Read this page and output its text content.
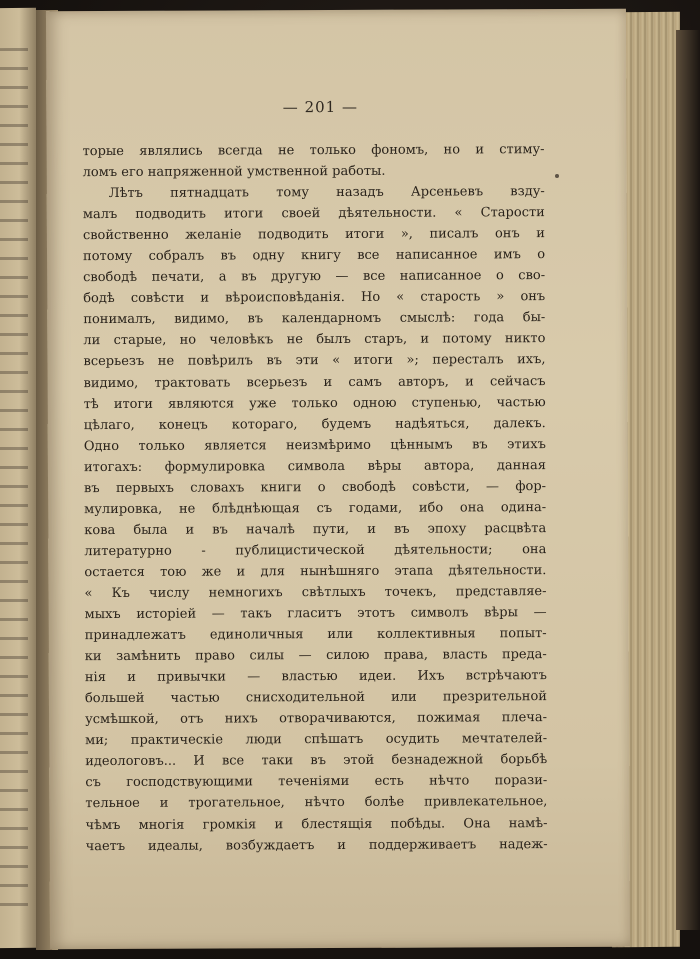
— 201 —
торые являлись всегда не только фономъ, но и стиму-
ломъ его напряженной умственной работы.
Лѣтъ пятнадцать тому назадъ Арсеньевъ взду-
малъ подводить итоги своей дѣятельности. « Старости
свойственно желаніе подводить итоги », писалъ онъ и
потому собралъ въ одну книгу все написанное имъ о
свободѣ печати, а въ другую — все написанное о сво-
бодѣ совѣсти и вѣроисповѣданія. Но « старость » онъ
понималъ, видимо, въ календарномъ смыслѣ: года бы-
ли старые, но человѣкъ не былъ старъ, и потому никто
всерьезъ не повѣрилъ въ эти « итоги »; пересталъ ихъ,
видимо, трактовать всерьезъ и самъ авторъ, и сейчасъ
тѣ итоги являются уже только одною ступенью, частью
цѣлаго, конецъ котораго, будемъ надѣяться, далекъ.
Одно только является неизмѣримо цѣннымъ въ этихъ
итогахъ: формулировка символа вѣры автора, данная
въ первыхъ словахъ книги о свободѣ совѣсти, — фор-
мулировка, не блѣднѣющая съ годами, ибо она одина-
кова была и въ началѣ пути, и въ эпоху расцвѣта
литературно - публицистической дѣятельности; она
остается тою же и для нынѣшняго этапа дѣятельности.
« Къ числу немногихъ свѣтлыхъ точекъ, представляе-
мыхъ исторіей — такъ гласитъ этотъ символъ вѣры —
принадлежатъ единоличныя или коллективныя попыт-
ки замѣнить право силы — силою права, власть преда-
нія и привычки — властью идеи. Ихъ встрѣчаютъ
большей частью снисходительной или презрительной
усмѣшкой, отъ нихъ отворачиваются, пожимая плеча-
ми; практическіе люди спѣшатъ осудить мечтателей-
идеологовъ... И все таки въ этой безнадежной борьбѣ
съ господствующими теченіями есть нѣчто порази-
тельное и трогательное, нѣчто болѣе привлекательное,
чѣмъ многія громкія и блестящія побѣды. Она намѣ-
чаетъ идеалы, возбуждаетъ и поддерживаетъ надеж-
